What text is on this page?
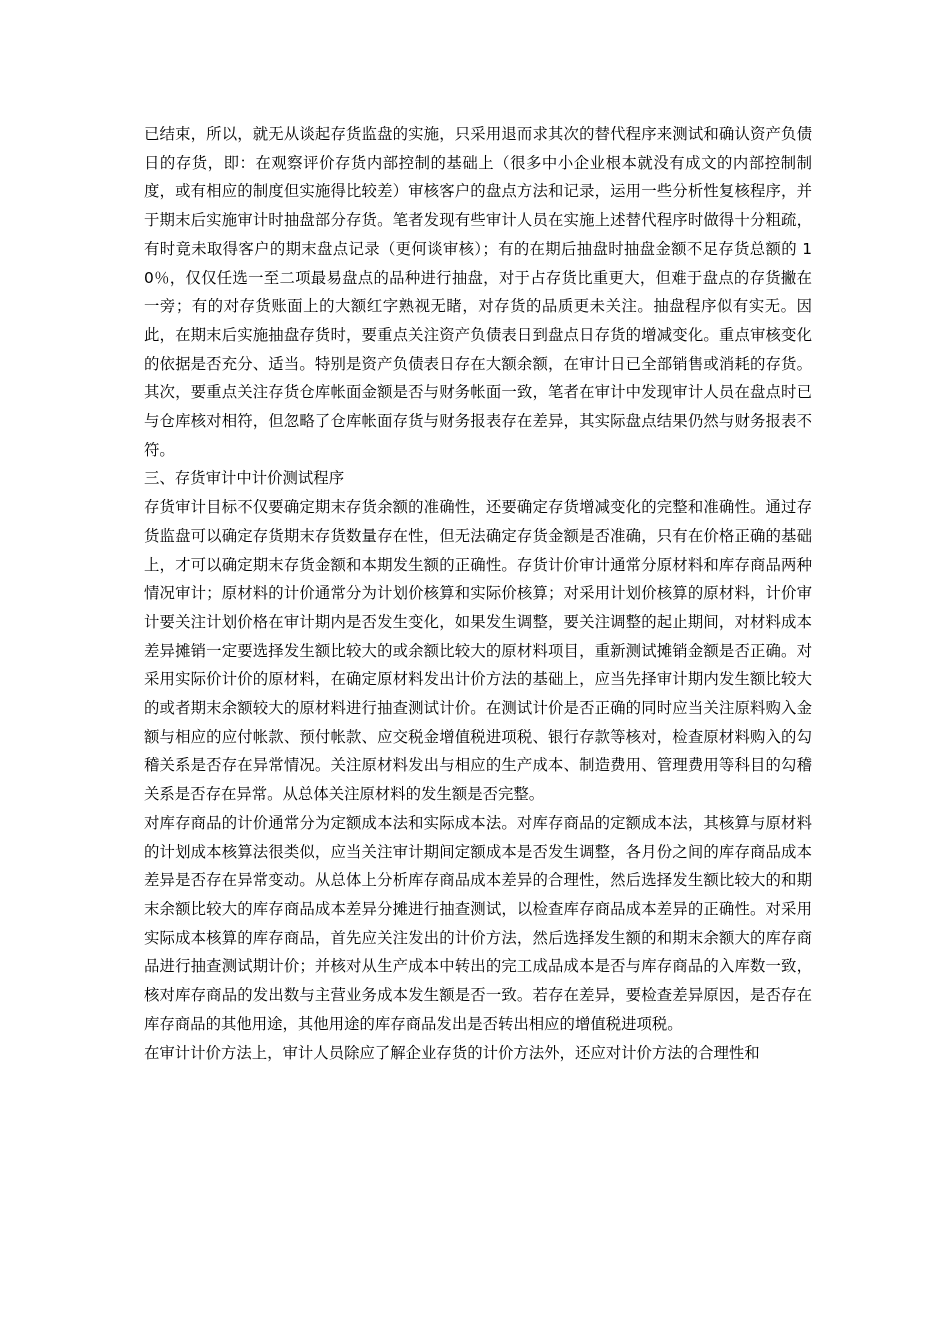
已结束，所以，就无从谈起存货监盘的实施，只采用退而求其次的替代程序来测试和确认资产负债日的存货，即：在观察评价存货内部控制的基础上（很多中小企业根本就没有成文的内部控制制度，或有相应的制度但实施得比较差）审核客户的盘点方法和记录，运用一些分析性复核程序，并于期末后实施审计时抽盘部分存货。笔者发现有些审计人员在实施上述替代程序时做得十分粗疏，有时竟未取得客户的期末盘点记录（更何谈审核）；有的在期后抽盘时抽盘金额不足存货总额的 10％，仅仅任选一至二项最易盘点的品种进行抽盘，对于占存货比重更大，但难于盘点的存货撇在一旁；有的对存货账面上的大额红字熟视无睹，对存货的品质更未关注。抽盘程序似有实无。因此，在期末后实施抽盘存货时，要重点关注资产负债表日到盘点日存货的增减变化。重点审核变化的依据是否充分、适当。特别是资产负债表日存在大额余额，在审计日已全部销售或消耗的存货。其次，要重点关注存货仓库帐面金额是否与财务帐面一致，笔者在审计中发现审计人员在盘点时已与仓库核对相符，但忽略了仓库帐面存货与财务报表存在差异，其实际盘点结果仍然与财务报表不符。

三、存货审计中计价测试程序

存货审计目标不仅要确定期末存货余额的准确性，还要确定存货增减变化的完整和准确性。通过存货监盘可以确定存货期末存货数量存在性，但无法确定存货金额是否准确，只有在价格正确的基础上，才可以确定期末存货金额和本期发生额的正确性。存货计价审计通常分原材料和库存商品两种情况审计；原材料的计价通常分为计划价核算和实际价核算；对采用计划价核算的原材料，计价审计要关注计划价格在审计期内是否发生变化，如果发生调整，要关注调整的起止期间，对材料成本差异摊销一定要选择发生额比较大的或余额比较大的原材料项目，重新测试摊销金额是否正确。对采用实际价计价的原材料，在确定原材料发出计价方法的基础上，应当先择审计期内发生额比较大的或者期末余额较大的原材料进行抽查测试计价。在测试计价是否正确的同时应当关注原料购入金额与相应的应付帐款、预付帐款、应交税金增值税进项税、银行存款等核对，检查原材料购入的勾稽关系是否存在异常情况。关注原材料发出与相应的生产成本、制造费用、管理费用等科目的勾稽关系是否存在异常。从总体关注原材料的发生额是否完整。

对库存商品的计价通常分为定额成本法和实际成本法。对库存商品的定额成本法，其核算与原材料的计划成本核算法很类似，应当关注审计期间定额成本是否发生调整，各月份之间的库存商品成本差异是否存在异常变动。从总体上分析库存商品成本差异的合理性，然后选择发生额比较大的和期末余额比较大的库存商品成本差异分摊进行抽查测试，以检查库存商品成本差异的正确性。对采用实际成本核算的库存商品，首先应关注发出的计价方法，然后选择发生额的和期末余额大的库存商品进行抽查测试期计价；并核对从生产成本中转出的完工成品成本是否与库存商品的入库数一致，核对库存商品的发出数与主营业务成本发生额是否一致。若存在差异，要检查差异原因，是否存在库存商品的其他用途，其他用途的库存商品发出是否转出相应的增值税进项税。

在审计计价方法上，审计人员除应了解企业存货的计价方法外，还应对计价方法的合理性和
